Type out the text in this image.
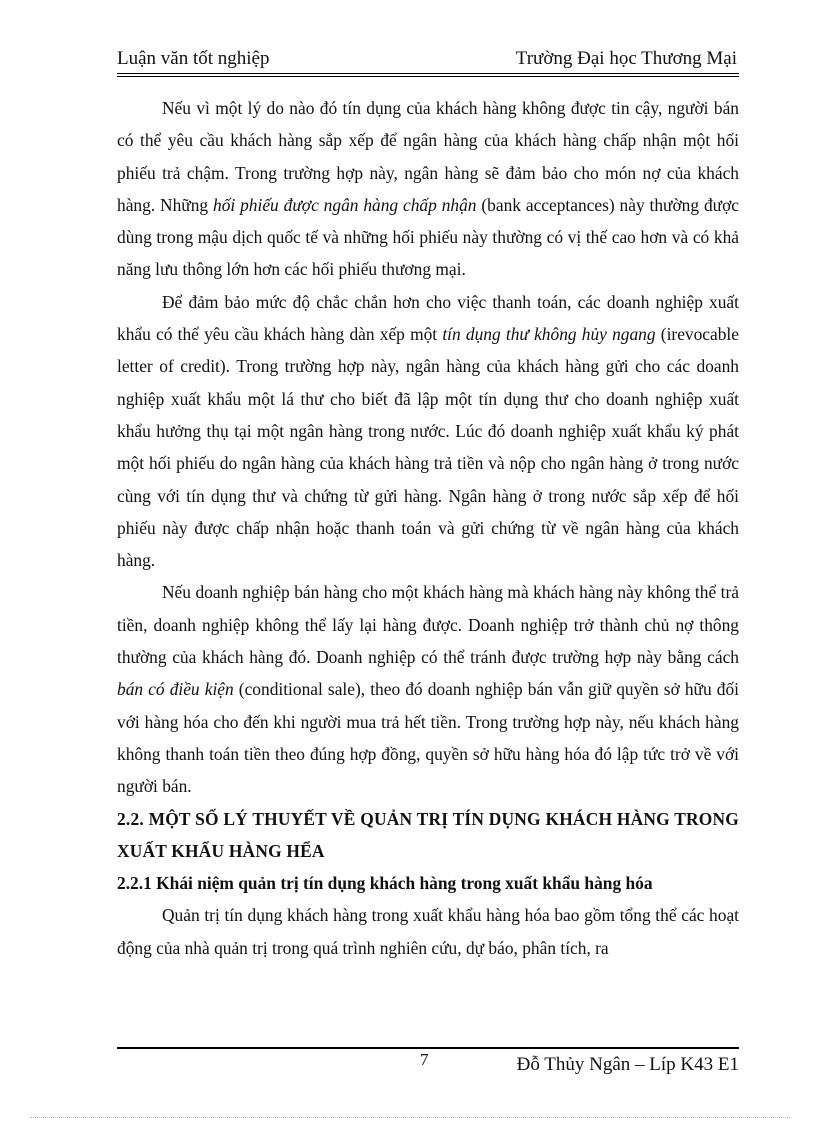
Luận văn tốt nghiệp	Trường Đại học Thương Mại

Nếu vì một lý do nào đó tín dụng của khách hàng không được tin cậy, người bán có thể yêu cầu khách hàng sắp xếp để ngân hàng của khách hàng chấp nhận một hối phiếu trả chậm. Trong trường hợp này, ngân hàng sẽ đảm bảo cho món nợ của khách hàng. Những hối phiếu được ngân hàng chấp nhận (bank acceptances) này thường được dùng trong mậu dịch quốc tế và những hối phiếu này thường có vị thế cao hơn và có khả năng lưu thông lớn hơn các hối phiếu thương mại.

Để đảm bảo mức độ chắc chắn hơn cho việc thanh toán, các doanh nghiệp xuất khẩu có thể yêu cầu khách hàng dàn xếp một tín dụng thư không hủy ngang (irevocable letter of credit). Trong trường hợp này, ngân hàng của khách hàng gửi cho các doanh nghiệp xuất khẩu một lá thư cho biết đã lập một tín dụng thư cho doanh nghiệp xuất khẩu hưởng thụ tại một ngân hàng trong nước. Lúc đó doanh nghiệp xuất khẩu ký phát một hối phiếu do ngân hàng của khách hàng trả tiền và nộp cho ngân hàng ở trong nước cùng với tín dụng thư và chứng từ gửi hàng. Ngân hàng ở trong nước sắp xếp để hối phiếu này được chấp nhận hoặc thanh toán và gửi chứng từ về ngân hàng của khách hàng.

Nếu doanh nghiệp bán hàng cho một khách hàng mà khách hàng này không thể trả tiền, doanh nghiệp không thể lấy lại hàng được. Doanh nghiệp trở thành chủ nợ thông thường của khách hàng đó. Doanh nghiệp có thể tránh được trường hợp này bằng cách bán có điều kiện (conditional sale), theo đó doanh nghiệp bán vẫn giữ quyền sở hữu đối với hàng hóa cho đến khi người mua trả hết tiền. Trong trường hợp này, nếu khách hàng không thanh toán tiền theo đúng hợp đồng, quyền sở hữu hàng hóa đó lập tức trở về với người bán.

2.2. MỘT SỐ LÝ THUYẾT VỀ QUẢN TRỊ TÍN DỤNG KHÁCH HÀNG TRONG XUẤT KHẨU HÀNG HỂA
2.2.1 Khái niệm quản trị tín dụng khách hàng trong xuất khẩu hàng hóa

Quản trị tín dụng khách hàng trong xuất khẩu hàng hóa bao gồm tổng thể các hoạt động của nhà quản trị trong quá trình nghiên cứu, dự báo, phân tích, ra

7	Đỗ Thủy Ngân – Líp K43 E1
